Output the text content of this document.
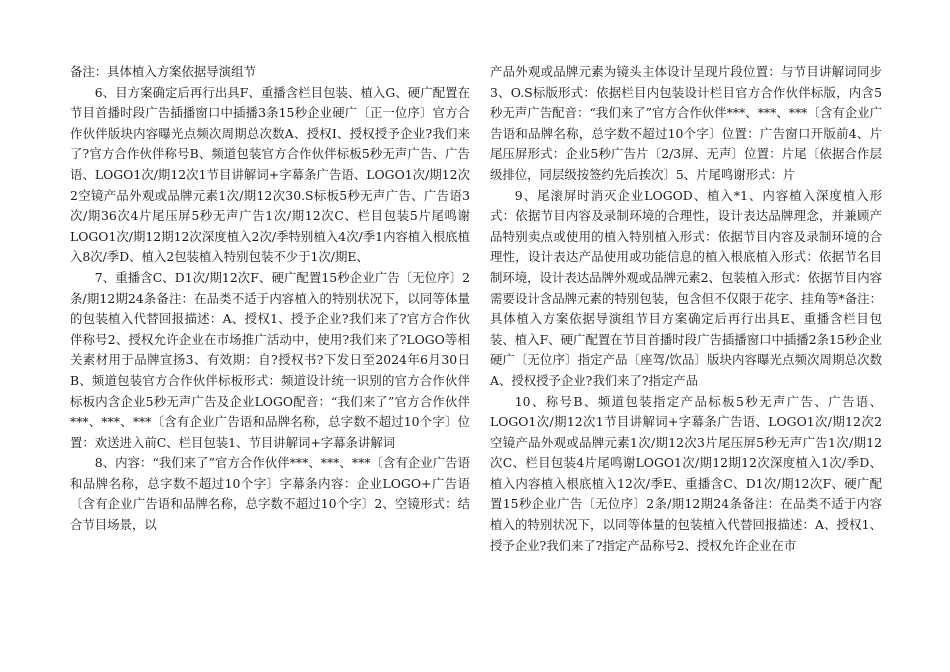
备注：具体植入方案依据导演组节

6、目方案确定后再行出具F、重播含栏目包装、植入G、硬广配置在节目首播时段广告插播窗口中插播3条15秒企业硬广〔正一位序〕官方合作伙伴版块内容曝光点频次周期总次数A、授权I、授权授予企业?我们来了?官方合作伙伴称号B、频道包装官方合作伙伴标板5秒无声广告、广告语、LOGO1次/期12次1节目讲解词+字幕条广告语、LOGO1次/期12次2空镜产品外观或品牌元素1次/期12次30.S标板5秒无声广告、广告语3次/期36次4片尾压屏5秒无声广告1次/期12次C、栏目包装5片尾鸣谢LOGO1次/期12期12次深度植入2次/季特别植入4次/季1内容植入根底植入8次/季D、植入2包装植入特别包装不少于1次/期E、

7、重播含C、D1次/期12次F、硬广配置15秒企业广告〔无位序〕2条/期12期24条备注：在品类不适于内容植入的特别状况下，以同等体量的包装植入代替回报描述：A、授权1、授予企业?我们来了?官方合作伙伴称号2、授权允许企业在市场推广活动中，使用?我们来了?LOGO等相关素材用于品牌宣扬3、有效期：自?授权书?下发日至2024年6月30日B、频道包装官方合作伙伴标板形式：频道设计统一识别的官方合作伙伴标板内含企业5秒无声广告及企业LOGO配音：“我们来了”官方合作伙伴***、***、***〔含有企业广告语和品牌名称，总字数不超过10个字〕位置：欢送进入前C、栏目包装1、节目讲解词+字幕条讲解词

8、内容：“我们来了”官方合作伙伴***、***、***〔含有企业广告语和品牌名称，总字数不超过10个字〕字幕条内容：企业LOGO+广告语〔含有企业广告语和品牌名称，总字数不超过10个字〕2、空镜形式：结合节目场景，以

产品外观或品牌元素为镜头主体设计呈现片段位置：与节目讲解词同步3、O.S标版形式：依据栏目内包装设计栏目官方合作伙伴标版，内含5秒无声广告配音：“我们来了”官方合作伙伴***、***、***〔含有企业广告语和品牌名称，总字数不超过10个字〕位置：广告窗口开版前4、片尾压屏形式：企业5秒广告片〔2/3屏、无声〕位置：片尾〔依据合作层级排位，同层级按签约先后挨次〕5、片尾鸣谢形式：片

9、尾滚屏时消灭企业LOGOD、植入*1、内容植入深度植入形式：依据节目内容及录制环境的合理性，设计表达品牌理念，并兼顾产品特别卖点或使用的植入特别植入形式：依据节目内容及录制环境的合理性，设计表达产品使用或功能信息的植入根底植入形式：依据节名目制环境，设计表达品牌外观或品牌元素2、包装植入形式：依据节目内容需要设计含品牌元素的特别包装，包含但不仅限于花字、挂角等*备注：具体植入方案依据导演组节目方案确定后再行出具E、重播含栏目包装、植入F、硬广配置在节目首播时段广告插播窗口中插播2条15秒企业硬广〔无位序〕指定产品〔座驾/饮品〕版块内容曝光点频次周期总次数A、授权授予企业?我们来了?指定产品

10、称号B、频道包装指定产品标板5秒无声广告、广告语、LOGO1次/期12次1节目讲解词+字幕条广告语、LOGO1次/期12次2空镜产品外观或品牌元素1次/期12次3片尾压屏5秒无声广告1次/期12次C、栏目包装4片尾鸣谢LOGO1次/期12期12次深度植入1次/季D、植入内容植入根底植入12次/季E、重播含C、D1次/期12次F、硬广配置15秒企业广告〔无位序〕2条/期12期24条备注：在品类不适于内容植入的特别状况下，以同等体量的包装植入代替回报描述：A、授权1、授予企业?我们来了?指定产品称号2、授权允许企业在市
